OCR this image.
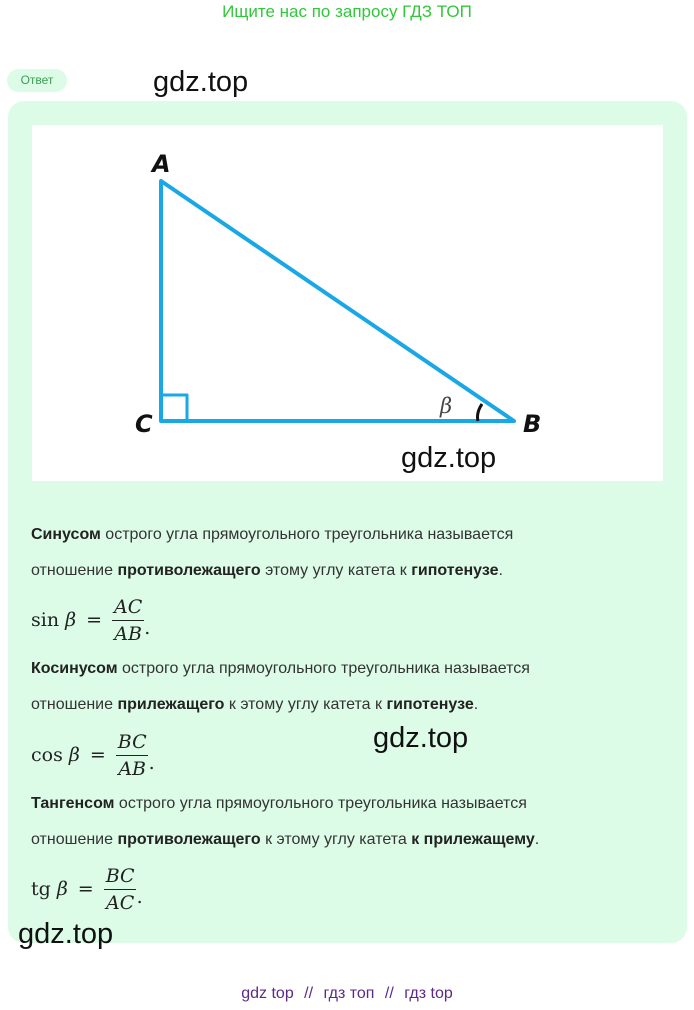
Ищите нас по запросу ГДЗ ТОП
Ответ
A
C	B
β
Синусом острого угла прямоугольного треугольника называется
отношение противолежащего этому углу катета к гипотенузе.
$\sin \beta = \frac{AC}{AB}$ .
Косинусом острого угла прямоугольного треугольника называется
отношение прилежащего к этому углу катета к гипотенузе.
$\cos \beta = \frac{BC}{AB}$ .
Тангенсом острого угла прямоугольного треугольника называется
отношение противолежащего к этому углу катета к прилежащему.
tg $\beta = \frac{BC}{AC}$ .
gdz.top
gdz.top
gdz.top
gdz.top
gdz top // гдз топ // гдз top
